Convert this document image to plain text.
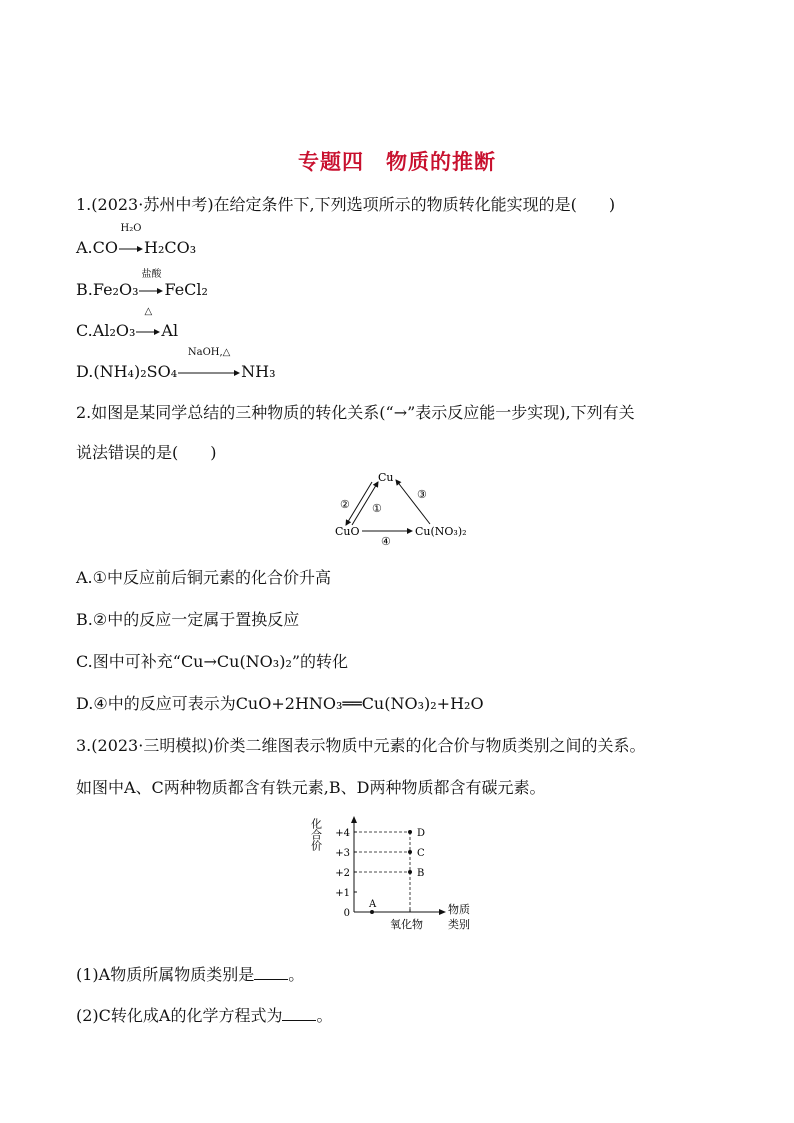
专题四　物质的推断
1.(2023·苏州中考)在给定条件下,下列选项所示的物质转化能实现的是(　　)
A.CO
H₂O
H₂CO₃
B.Fe₂O₃
盐酸
FeCl₂
C.Al₂O₃
△
Al
D.(NH₄)₂SO₄
NaOH,△
NH₃
2.如图是某同学总结的三种物质的转化关系(“→”表示反应能一步实现),下列有关
说法错误的是(　　)
Cu
CuO	Cu(NO₃)₂
①
②
③
④
A.①中反应前后铜元素的化合价升高
B.②中的反应一定属于置换反应
C.图中可补充“Cu→Cu(NO₃)₂”的转化
D.④中的反应可表示为CuO+2HNO₃══Cu(NO₃)₂+H₂O
3.(2023·三明模拟)价类二维图表示物质中元素的化合价与物质类别之间的关系。
如图中A、C两种物质都含有铁元素,B、D两种物质都含有碳元素。
化合价 +4
+3
+2
+1
0
A
B
C
D
氧化物
物质
类别
(1)A物质所属物质类别是 。
(2)C转化成A的化学方程式为 。
